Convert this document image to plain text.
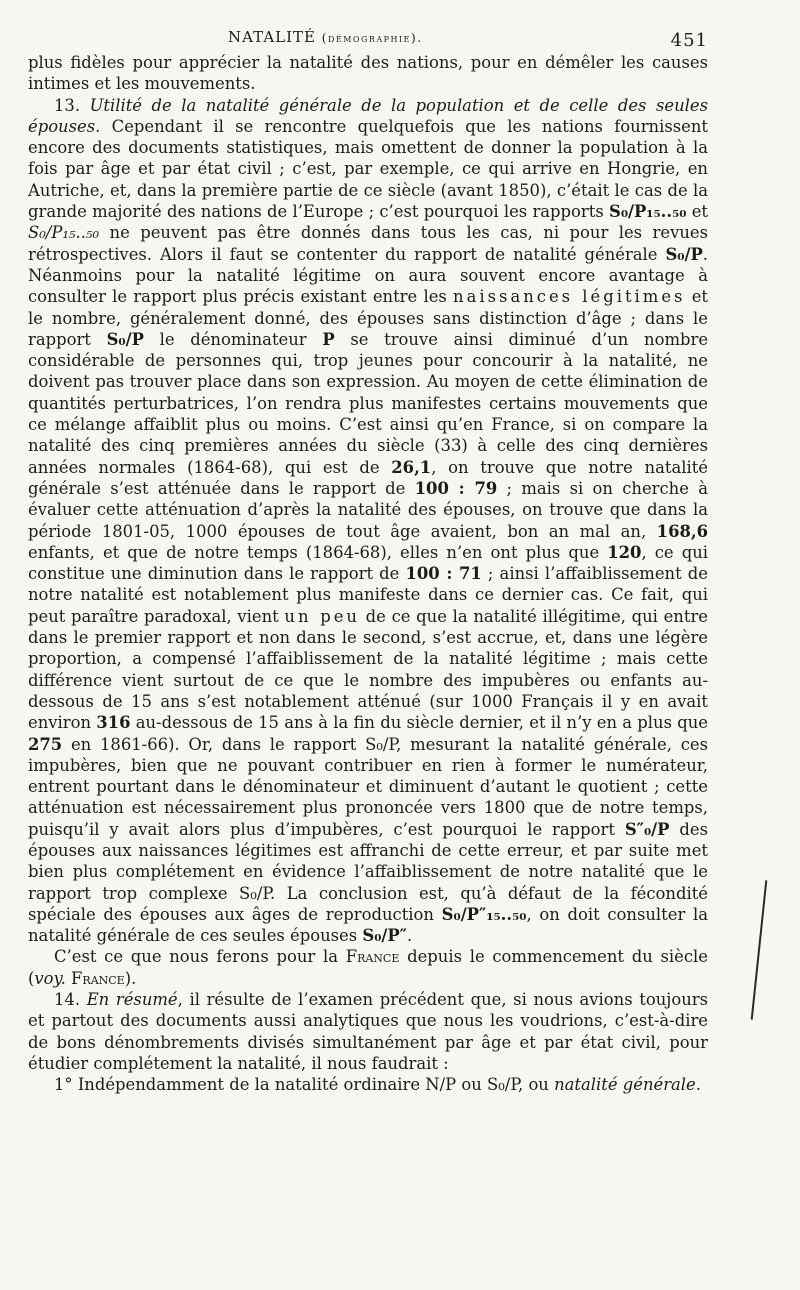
NATALITÉ (démographie).	451

plus fidèles pour apprécier la natalité des nations, pour en démêler les causes intimes et les mouvements.

13. Utilité de la natalité générale de la population et de celle des seules épouses. Cependant il se rencontre quelquefois que les nations fournissent encore des documents statistiques, mais omettent de donner la population à la fois par âge et par état civil ; c’est, par exemple, ce qui arrive en Hongrie, en Autriche, et, dans la première partie de ce siècle (avant 1850), c’était le cas de la grande majorité des nations de l’Europe ; c’est pourquoi les rapports S₀/P₁₅..₅₀ et S₀/P₁₅..₅₀ ne peuvent pas être donnés dans tous les cas, ni pour les revues rétrospectives. Alors il faut se contenter du rapport de natalité générale S₀/P. Néanmoins pour la natalité légitime on aura souvent encore avantage à consulter le rapport plus précis existant entre les naissances légitimes et le nombre, généralement donné, des épouses sans distinction d’âge ; dans le rapport S₀/P le dénominateur P se trouve ainsi diminué d’un nombre considérable de personnes qui, trop jeunes pour concourir à la natalité, ne doivent pas trouver place dans son expression. Au moyen de cette élimination de quantités perturbatrices, l’on rendra plus manifestes certains mouvements que ce mélange affaiblit plus ou moins. C’est ainsi qu’en France, si on compare la natalité des cinq premières années du siècle (33) à celle des cinq dernières années normales (1864-68), qui est de 26,1, on trouve que notre natalité générale s’est atténuée dans le rapport de 100 : 79 ; mais si on cherche à évaluer cette atténuation d’après la natalité des épouses, on trouve que dans la période 1801-05, 1000 épouses de tout âge avaient, bon an mal an, 168,6 enfants, et que de notre temps (1864-68), elles n’en ont plus que 120, ce qui constitue une diminution dans le rapport de 100 : 71 ; ainsi l’affaiblissement de notre natalité est notablement plus manifeste dans ce dernier cas. Ce fait, qui peut paraître paradoxal, vient un peu de ce que la natalité illégitime, qui entre dans le premier rapport et non dans le second, s’est accrue, et, dans une légère proportion, a compensé l’affaiblissement de la natalité légitime ; mais cette différence vient surtout de ce que le nombre des impubères ou enfants au-dessous de 15 ans s’est notablement atténué (sur 1000 Français il y en avait environ 316 au-dessous de 15 ans à la fin du siècle dernier, et il n’y en a plus que 275 en 1861-66). Or, dans le rapport S₀/P, mesurant la natalité générale, ces impubères, bien que ne pouvant contribuer en rien à former le numérateur, entrent pourtant dans le dénominateur et diminuent d’autant le quotient ; cette atténuation est nécessairement plus prononcée vers 1800 que de notre temps, puisqu’il y avait alors plus d’impubères, c’est pourquoi le rapport S″₀/P des épouses aux naissances légitimes est affranchi de cette erreur, et par suite met bien plus complétement en évidence l’affaiblissement de notre natalité que le rapport trop complexe S₀/P. La conclusion est, qu’à défaut de la fécondité spéciale des épouses aux âges de reproduction S₀/P″₁₅..₅₀, on doit consulter la natalité générale de ces seules épouses S₀/P″.

C’est ce que nous ferons pour la France depuis le commencement du siècle (voy. France).

14. En résumé, il résulte de l’examen précédent que, si nous avions toujours et partout des documents aussi analytiques que nous les voudrions, c’est-à-dire de bons dénombrements divisés simultanément par âge et par état civil, pour étudier complétement la natalité, il nous faudrait :

1° Indépendamment de la natalité ordinaire N/P ou S₀/P, ou natalité générale.
